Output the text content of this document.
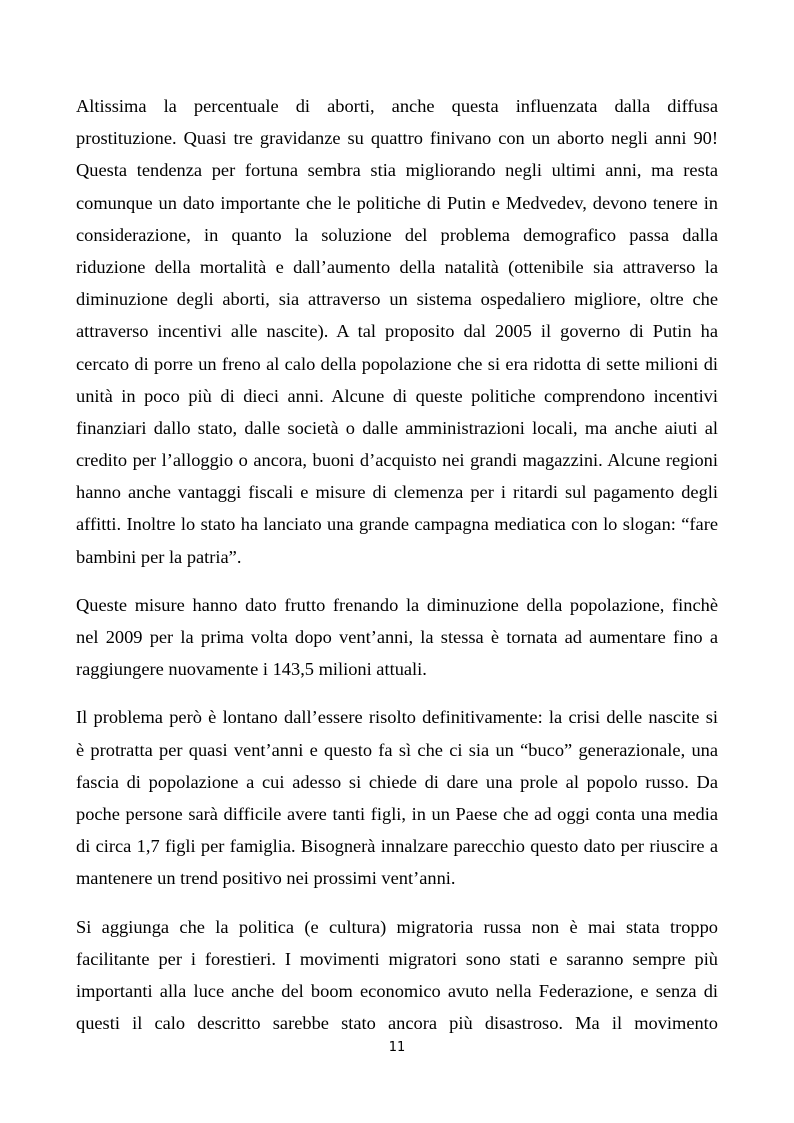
Altissima la percentuale di aborti, anche questa influenzata dalla diffusa
prostituzione. Quasi tre gravidanze su quattro finivano con un aborto negli anni 90!
Questa tendenza per fortuna sembra stia migliorando negli ultimi anni, ma resta
comunque un dato importante che le politiche di Putin e Medvedev, devono tenere in
considerazione, in quanto la soluzione del problema demografico passa dalla
riduzione della mortalità e dall’aumento della natalità (ottenibile sia attraverso la
diminuzione degli aborti, sia attraverso un sistema ospedaliero migliore, oltre che
attraverso incentivi alle nascite). A tal proposito dal 2005 il governo di Putin ha
cercato di porre un freno al calo della popolazione che si era ridotta di sette milioni di
unità in poco più di dieci anni. Alcune di queste politiche comprendono incentivi
finanziari dallo stato, dalle società o dalle amministrazioni locali, ma anche aiuti al
credito per l’alloggio o ancora, buoni d’acquisto nei grandi magazzini. Alcune regioni
hanno anche vantaggi fiscali e misure di clemenza per i ritardi sul pagamento degli
affitti. Inoltre lo stato ha lanciato una grande campagna mediatica con lo slogan: “fare
bambini per la patria”.
Queste misure hanno dato frutto frenando la diminuzione della popolazione, finchè
nel 2009 per la prima volta dopo vent’anni, la stessa è tornata ad aumentare fino a
raggiungere nuovamente i 143,5 milioni attuali.
Il problema però è lontano dall’essere risolto definitivamente: la crisi delle nascite si
è protratta per quasi vent’anni e questo fa sì che ci sia un “buco” generazionale, una
fascia di popolazione a cui adesso si chiede di dare una prole al popolo russo. Da
poche persone sarà difficile avere tanti figli, in un Paese che ad oggi conta una media
di circa 1,7 figli per famiglia. Bisognerà innalzare parecchio questo dato per riuscire a
mantenere un trend positivo nei prossimi vent’anni.
Si aggiunga che la politica (e cultura) migratoria russa non è mai stata troppo
facilitante per i forestieri. I movimenti migratori sono stati e saranno sempre più
importanti alla luce anche del boom economico avuto nella Federazione, e senza di
questi il calo descritto sarebbe stato ancora più disastroso. Ma il movimento
11
